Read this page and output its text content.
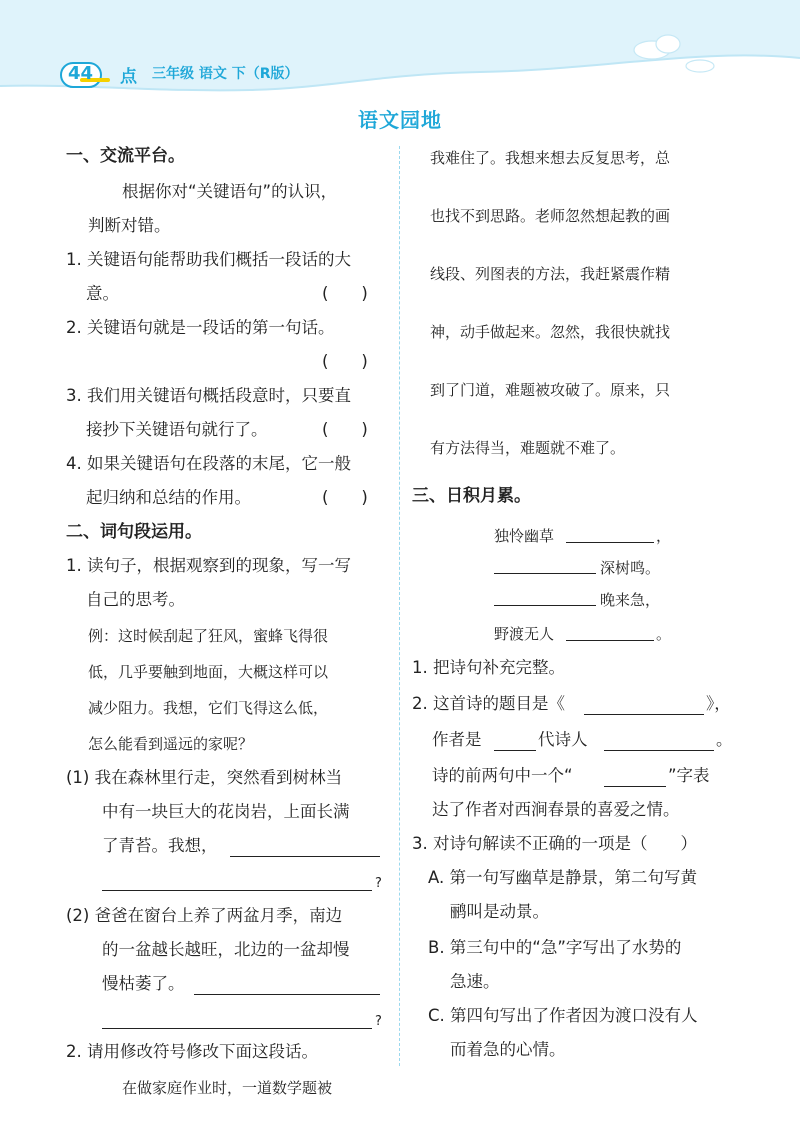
44 点 三年级 语文 下（R版）
语文园地
一、交流平台。
根据你对“关键语句”的认识，
判断对错。
1. 关键语句能帮助我们概括一段话的大
意。	(　　)
2. 关键语句就是一段话的第一句话。
(　　)
3. 我们用关键语句概括段意时，只要直
接抄下关键语句就行了。	(　　)
4. 如果关键语句在段落的末尾，它一般
起归纳和总结的作用。	(　　)
二、词句段运用。
1. 读句子，根据观察到的现象，写一写
自己的思考。
例：这时候刮起了狂风，蜜蜂飞得很
低，几乎要触到地面，大概这样可以
减少阻力。我想，它们飞得这么低，
怎么能看到遥远的家呢？
(1) 我在森林里行走，突然看到树林当
中有一块巨大的花岗岩，上面长满
了青苔。我想，
?
(2) 爸爸在窗台上养了两盆月季，南边
的一盆越长越旺，北边的一盆却慢
慢枯萎了。
?
2. 请用修改符号修改下面这段话。
在做家庭作业时，一道数学题被
我难住了。我想来想去反复思考，总
也找不到思路。老师忽然想起教的画
线段、列图表的方法，我赶紧震作精
神，动手做起来。忽然，我很快就找
到了门道，难题被攻破了。原来，只
有方法得当，难题就不难了。
三、日积月累。
独怜幽草	，
深树鸣。
晚来急，
野渡无人	。
1. 把诗句补充完整。
2. 这首诗的题目是《	》，
作者是	代诗人	。
诗的前两句中一个“	”字表
达了作者对西涧春景的喜爱之情。
3. 对诗句解读不正确的一项是（　　）
A. 第一句写幽草是静景，第二句写黄
鹂叫是动景。
B. 第三句中的“急”字写出了水势的
急速。
C. 第四句写出了作者因为渡口没有人
而着急的心情。
